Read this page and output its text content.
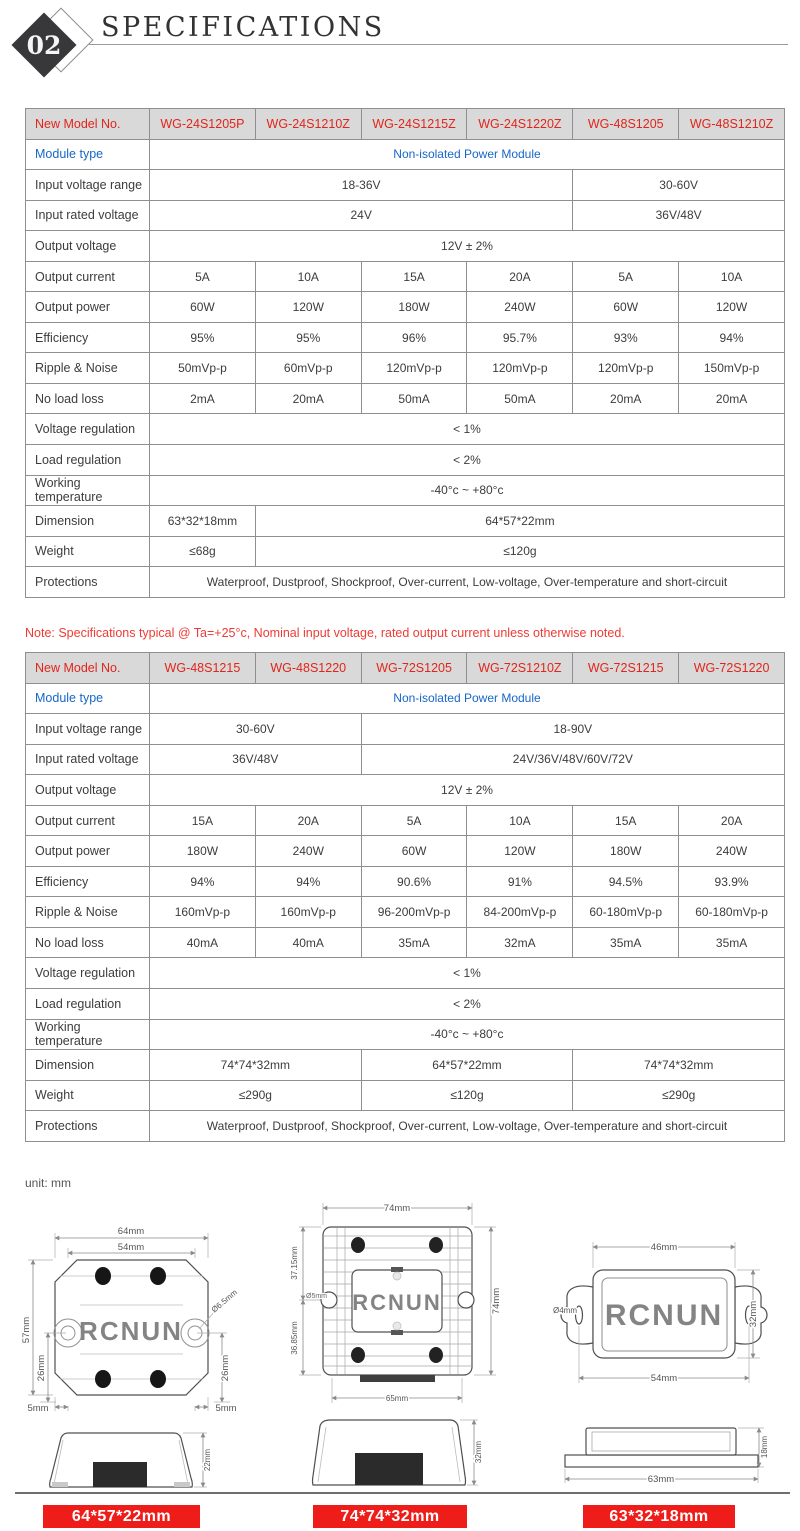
02
SPECIFICATIONS
New Model No.	WG-24S1205P	WG-24S1210Z	WG-24S1215Z	WG-24S1220Z	WG-48S1205	WG-48S1210Z
Module type	Non-isolated Power Module					
Input voltage range	18-36V				30-60V	
Input rated voltage	24V				36V/48V	
Output voltage	12V ± 2%					
Output current	5A	10A	15A	20A	5A	10A
Output power	60W	120W	180W	240W	60W	120W
Efficiency	95%	95%	96%	95.7%	93%	94%
Ripple & Noise	50mVp-p	60mVp-p	120mVp-p	120mVp-p	120mVp-p	150mVp-p
No load loss	2mA	20mA	50mA	50mA	20mA	20mA
Voltage regulation	< 1%					
Load regulation	< 2%					
Working temperature	-40°c ~ +80°c					
Dimension	63*32*18mm	64*57*22mm				
Weight	≤68g	≤120g				
Protections	Waterproof, Dustproof, Shockproof, Over-current, Low-voltage, Over-temperature and short-circuit					
Note: Specifications typical @ Ta=+25°c, Nominal input voltage, rated output current unless otherwise noted.
New Model No.	WG-48S1215	WG-48S1220	WG-72S1205	WG-72S1210Z	WG-72S1215	WG-72S1220
Module type	Non-isolated Power Module					
Input voltage range	30-60V		18-90V			
Input rated voltage	36V/48V		24V/36V/48V/60V/72V			
Output voltage	12V ± 2%					
Output current	15A	20A	5A	10A	15A	20A
Output power	180W	240W	60W	120W	180W	240W
Efficiency	94%	94%	90.6%	91%	94.5%	93.9%
Ripple & Noise	160mVp-p	160mVp-p	96-200mVp-p	84-200mVp-p	60-180mVp-p	60-180mVp-p
No load loss	40mA	40mA	35mA	32mA	35mA	35mA
Voltage regulation	< 1%					
Load regulation	< 2%					
Working temperature	-40°c ~ +80°c					
Dimension	74*74*32mm		64*57*22mm		74*74*32mm	
Weight	≤290g		≤120g		≤290g	
Protections	Waterproof, Dustproof, Shockproof, Over-current, Low-voltage, Over-temperature and short-circuit					
unit: mm
RCNUN
64mm
54mm
57mm
26mm	26mm
5mm	5mm
Ø6.5mm	RCNUN
74mm
74mm
37.15mm
36.85mm
Ø5mm
65mm
RCNUN
46mm
32mm
54mm
Ø4mm
22mm	32mm	18mm
63mm
64*57*22mm	74*74*32mm	63*32*18mm
